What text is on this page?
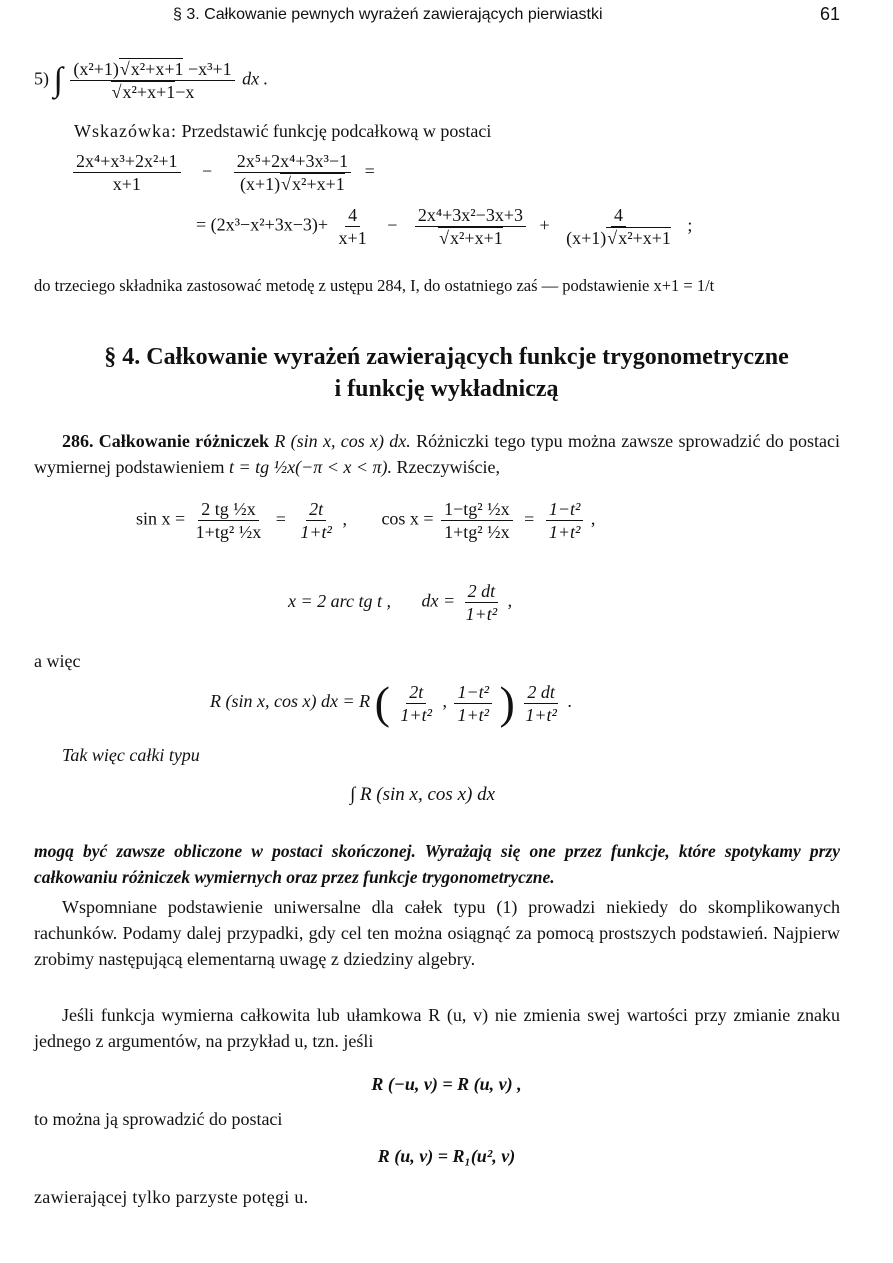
§ 3. Całkowanie pewnych wyrażeń zawierających pierwiastki	61
5) ∫ (x²+1) √ x²+x+1 −x³+1
√ x²+x+1−x dx .
Wskazówka: Przedstawić funkcję podcałkową w postaci
$\frac{\text{2x⁴+x³+2x²+1}}{x+1} - \frac{\text{2x⁵+2x⁴+3x³−1}}{\text{(x+1) √ x²+x+1}}$ =
= $(2x^3-x^2+3x-3)+ \frac{4}{x+1} - 2x^4+3x^2-3x+3$
√ $x^2+x+1 + \frac{4}{\text{(x+1) √ x²+x+1}}$ ;
do trzeciego składnika zastosować metodę z ustępu 284, I, do ostatniego zaś — podstawienie x+1 = 1/t
§ 4. Całkowanie wyrażeń zawierających funkcje trygonometryczne
i funkcję wykładniczą
286. Całkowanie różniczek R (sin x, cos x) dx. Różniczki tego typu można zawsze sprowadzić do postaci wymiernej podstawieniem t = tg ½x(−π < x < π). Rzeczywiście,
$\sin x = \frac{\text{2 tg ½x}}{\text{1+tg² ½x}} = \frac{2t}{\text{1+t²}}$ , $\cos x = \frac{\text{1−tg² ½x}}{\text{1+tg² ½x}} = \frac{\text{1−t²}}{\text{1+t²}}$ ,
x = 2 arc tg t , dx = $\frac{2 dt}{\text{1+t²}}$ ,
a więc
R (sin x, cos x) dx = R ( $\frac{2t}{\text{1+t²}}$ , $\frac{\text{1−t²}}{\text{1+t²}}$ ) $\frac{2 dt}{\text{1+t²}}$ .
Tak więc całki typu
∫ R (sin x, cos x) dx
mogą być zawsze obliczone w postaci skończonej. Wyrażają się one przez funkcje, które spotykamy przy całkowaniu różniczek wymiernych oraz przez funkcje trygonometryczne.
Wspomniane podstawienie uniwersalne dla całek typu (1) prowadzi niekiedy do skomplikowanych rachunków. Podamy dalej przypadki, gdy cel ten można osiągnąć za pomocą prostszych podstawień. Najpierw zrobimy następującą elementarną uwagę z dziedziny algebry.
Jeśli funkcja wymierna całkowita lub ułamkowa R (u, v) nie zmienia swej wartości przy zmianie znaku jednego z argumentów, na przykład u, tzn. jeśli
R (−u, v) = R (u, v) ,
to można ją sprowadzić do postaci
R (u, v) = R₁(u², v)
zawierającej tylko parzyste potęgi u.
